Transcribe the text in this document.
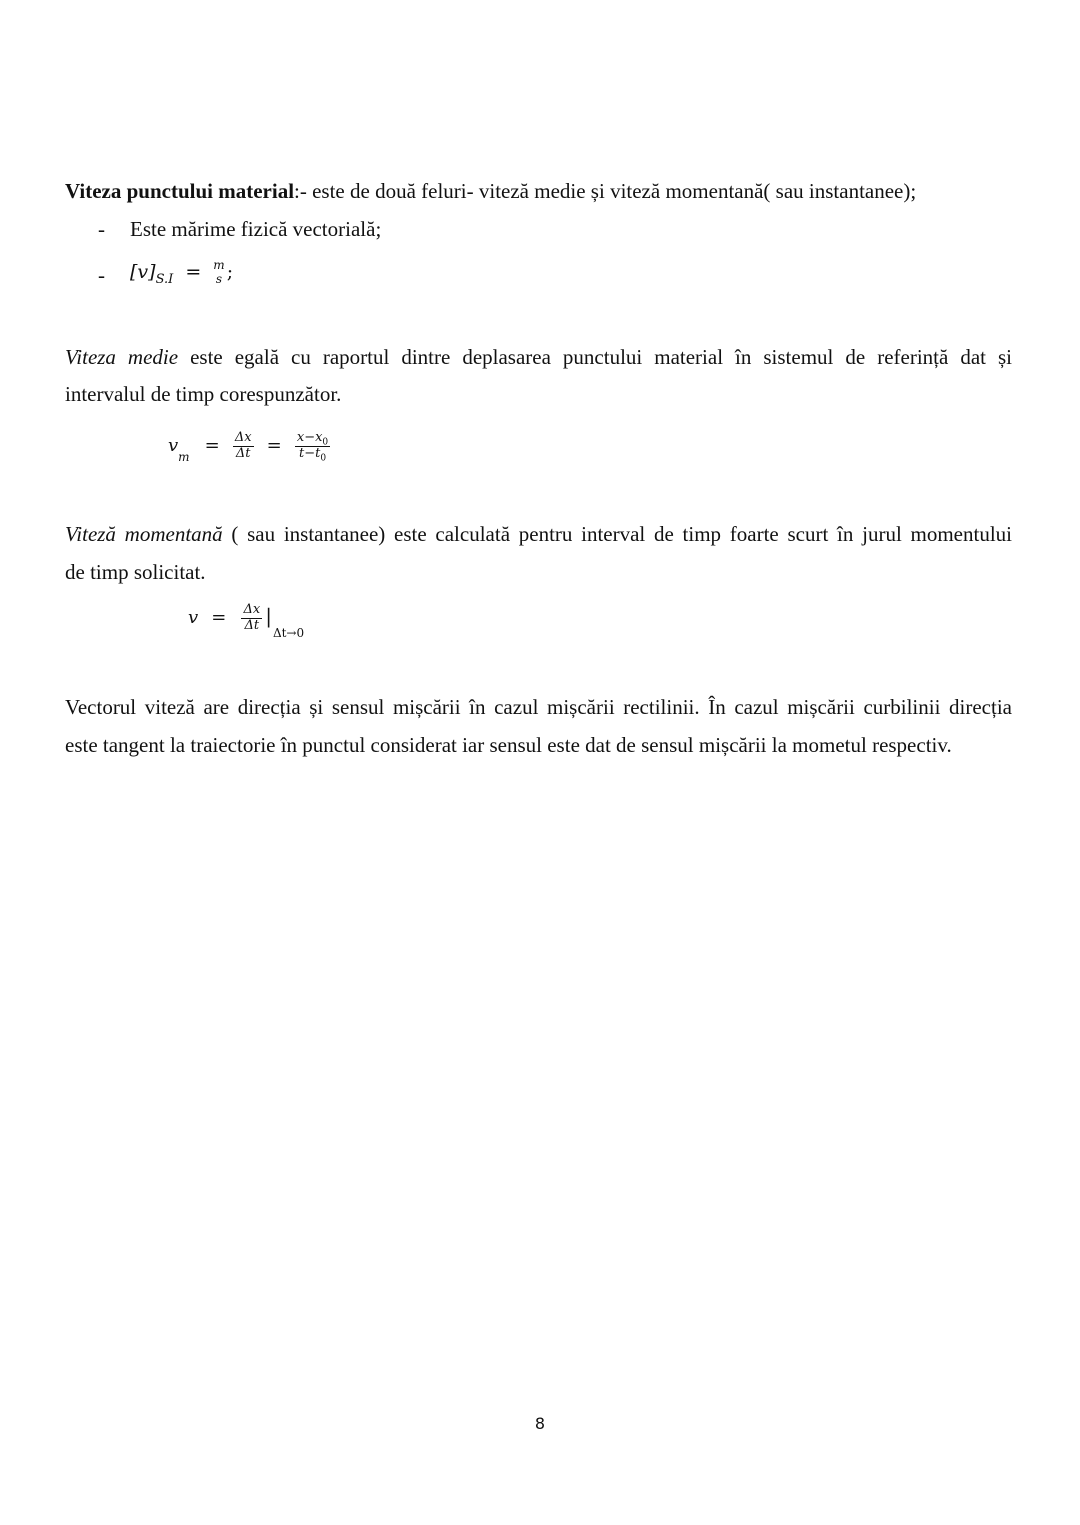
Viteza punctului material:- este de două feluri- viteză medie și viteză momentană( sau instantanee);
- Este mărime fizică vectorială;
- $[v]_{S.I} = m$
s ;
Viteza medie este egală cu raportul dintre deplasarea punctului material în sistemul de referință dat și
intervalul de timp corespunzător.
$v_m = \frac{\Delta x}{\Delta t} = \frac{x-x_0}{t-t_0}$
Viteză momentană ( sau instantanee) este calculată pentru interval de timp foarte scurt în jurul momentului
de timp solicitat.
$v = \frac{\Delta x}{\Delta t} |_{\Delta t\to 0}$
Vectorul viteză are direcția și sensul mișcării în cazul mișcării rectilinii. În cazul mișcării curbilinii direcția
este tangent la traiectorie în punctul considerat iar sensul este dat de sensul mișcării la mometul respectiv.
8
